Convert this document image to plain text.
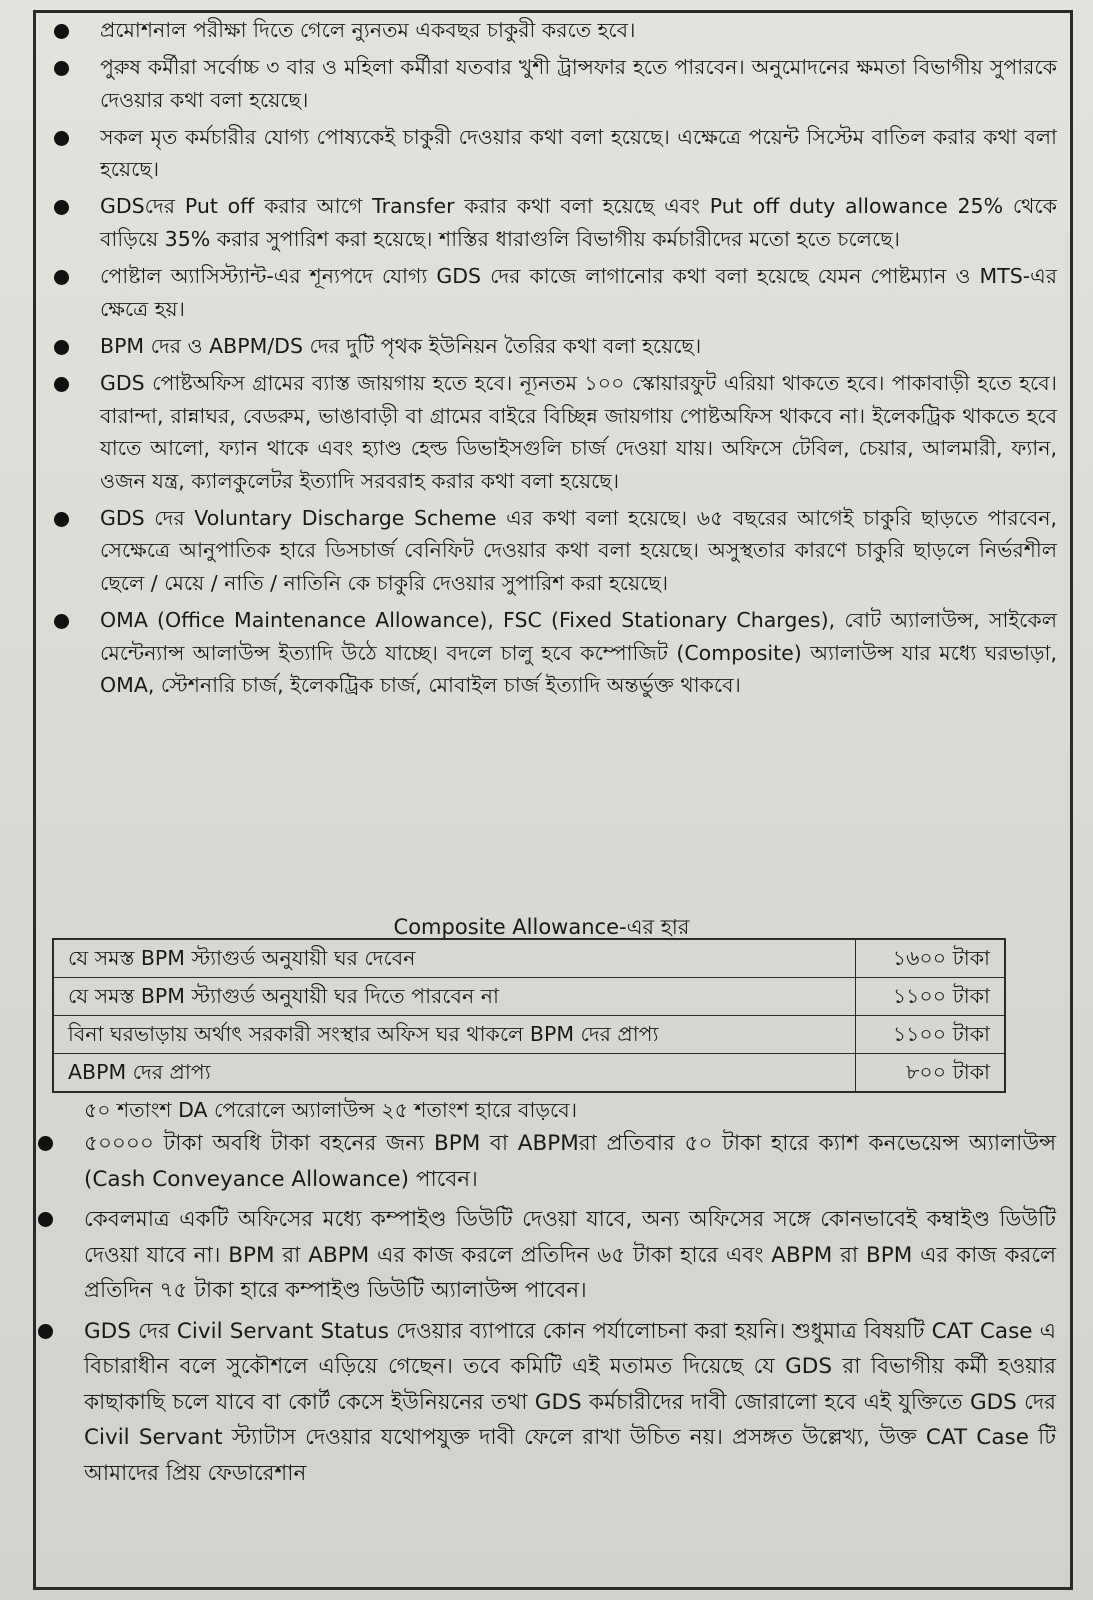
প্রমোশনাল পরীক্ষা দিতে গেলে ন্যুনতম একবছর চাকুরী করতে হবে।

পুরুষ কর্মীরা সর্বোচ্চ ৩ বার ও মহিলা কর্মীরা যতবার খুশী ট্রান্সফার হতে পারবেন। অনুমোদনের ক্ষমতা বিভাগীয় সুপারকে দেওয়ার কথা বলা হয়েছে।

সকল মৃত কর্মচারীর যোগ্য পোষ্যকেই চাকুরী দেওয়ার কথা বলা হয়েছে। এক্ষেত্রে পয়েন্ট সিস্টেম বাতিল করার কথা বলা হয়েছে।

GDSদের Put off করার আগে Transfer করার কথা বলা হয়েছে এবং Put off duty allowance 25% থেকে বাড়িয়ে 35% করার সুপারিশ করা হয়েছে। শাস্তির ধারাগুলি বিভাগীয় কর্মচারীদের মতো হতে চলেছে।

পোষ্টাল অ্যাসিস্ট্যান্ট-এর শূন্যপদে যোগ্য GDS দের কাজে লাগানোর কথা বলা হয়েছে যেমন পোষ্টম্যান ও MTS-এর ক্ষেত্রে হয়।

BPM দের ও ABPM/DS দের দুটি পৃথক ইউনিয়ন তৈরির কথা বলা হয়েছে।

GDS পোষ্টঅফিস গ্রামের ব্যাস্ত জায়গায় হতে হবে। ন্যূনতম ১০০ স্কোয়ারফুট এরিয়া থাকতে হবে। পাকাবাড়ী হতে হবে। বারান্দা, রান্নাঘর, বেডরুম, ভাঙাবাড়ী বা গ্রামের বাইরে বিচ্ছিন্ন জায়গায় পোষ্টঅফিস থাকবে না। ইলেকট্রিক থাকতে হবে যাতে আলো, ফ্যান থাকে এবং হ্যাণ্ড হেল্ড ডিভাইসগুলি চার্জ দেওয়া যায়। অফিসে টেবিল, চেয়ার, আলমারী, ফ্যান, ওজন যন্ত্র, ক্যালকুলেটর ইত্যাদি সরবরাহ করার কথা বলা হয়েছে।

GDS দের Voluntary Discharge Scheme এর কথা বলা হয়েছে। ৬৫ বছরের আগেই চাকুরি ছাড়তে পারবেন, সেক্ষেত্রে আনুপাতিক হারে ডিসচার্জ বেনিফিট দেওয়ার কথা বলা হয়েছে। অসুস্থতার কারণে চাকুরি ছাড়লে নির্ভরশীল ছেলে / মেয়ে / নাতি / নাতিনি কে চাকুরি দেওয়ার সুপারিশ করা হয়েছে।

OMA (Office Maintenance Allowance), FSC (Fixed Stationary Charges), বোট অ্যালাউন্স, সাইকেল মেন্টেন্যান্স আলাউন্স ইত্যাদি উঠে যাচ্ছে। বদলে চালু হবে কম্পোজিট (Composite) অ্যালাউন্স যার মধ্যে ঘরভাড়া, OMA, স্টেশনারি চার্জ, ইলেকট্রিক চার্জ, মোবাইল চার্জ ইত্যাদি অন্তর্ভুক্ত থাকবে।

Composite Allowance-এর হার
যে সমস্ত BPM স্ট্যাগুর্ড অনুযায়ী ঘর দেবেন	১৬০০ টাকা
যে সমস্ত BPM স্ট্যাগুর্ড অনুযায়ী ঘর দিতে পারবেন না	১১০০ টাকা
বিনা ঘরভাড়ায় অর্থাৎ সরকারী সংস্থার অফিস ঘর থাকলে BPM দের প্রাপ্য	১১০০ টাকা
ABPM দের প্রাপ্য	৮০০ টাকা
৫০ শতাংশ DA পেরোলে অ্যালাউন্স ২৫ শতাংশ হারে বাড়বে।

৫০০০০ টাকা অবধি টাকা বহনের জন্য BPM বা ABPMরা প্রতিবার ৫০ টাকা হারে ক্যাশ কনভেয়েন্স অ্যালাউন্স (Cash Conveyance Allowance) পাবেন।

কেবলমাত্র একটি অফিসের মধ্যে কম্পাইণ্ড ডিউটি দেওয়া যাবে, অন্য অফিসের সঙ্গে কোনভাবেই কম্বাইণ্ড ডিউটি দেওয়া যাবে না। BPM রা ABPM এর কাজ করলে প্রতিদিন ৬৫ টাকা হারে এবং ABPM রা BPM এর কাজ করলে প্রতিদিন ৭৫ টাকা হারে কম্পাইণ্ড ডিউটি অ্যালাউন্স পাবেন।

GDS দের Civil Servant Status দেওয়ার ব্যাপারে কোন পর্যালোচনা করা হয়নি। শুধুমাত্র বিষয়টি CAT Case এ বিচারাধীন বলে সুকৌশলে এড়িয়ে গেছেন। তবে কমিটি এই মতামত দিয়েছে যে GDS রা বিভাগীয় কর্মী হওয়ার কাছাকাছি চলে যাবে বা কোর্ট কেসে ইউনিয়নের তথা GDS কর্মচারীদের দাবী জোরালো হবে এই যুক্তিতে GDS দের Civil Servant স্ট্যাটাস দেওয়ার যথোপযুক্ত দাবী ফেলে রাখা উচিত নয়। প্রসঙ্গত উল্লেখ্য, উক্ত CAT Case টি আমাদের প্রিয় ফেডারেশান
